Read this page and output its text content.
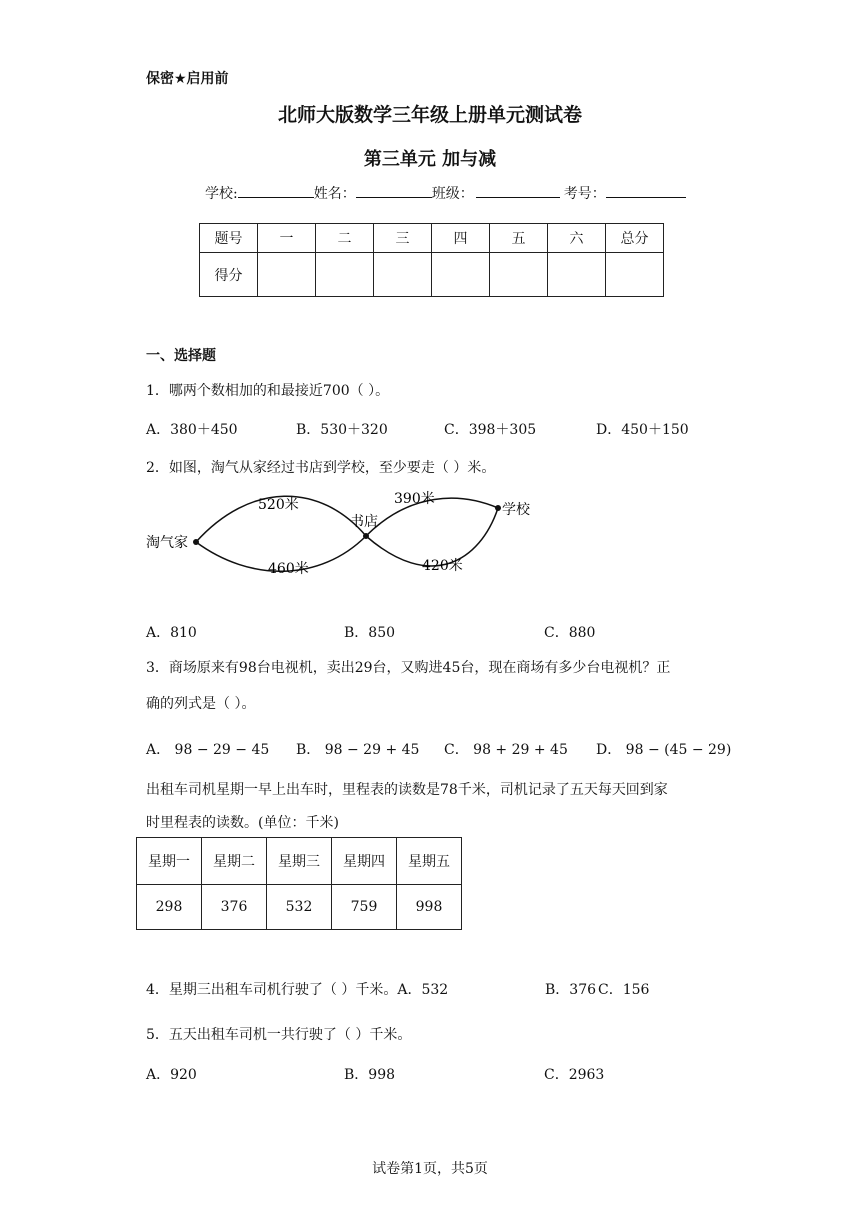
保密★启用前
北师大版数学三年级上册单元测试卷
第三单元 加与减
学校:	姓名：	班级：	考号：
题号	一	二	三	四	五	六	总分
得分							
一、选择题
1．哪两个数相加的和最接近700（ ）。
A．380＋450	B．530＋320	C．398＋305	D．450＋150
2．如图，淘气从家经过书店到学校，至少要走（ ）米。
淘气家
书店
学校
520米
460米
390米
420米
A．810	B．850	C．880
3．商场原来有98台电视机，卖出29台，又购进45台，现在商场有多少台电视机？正
确的列式是（ ）。
A． 98 − 29 − 45 B． 98 − 29 + 45 C． 98 + 29 + 45 D． 98 − (45 − 29)
出租车司机星期一早上出车时，里程表的读数是78千米，司机记录了五天每天回到家
时里程表的读数。(单位：千米)
星期一	星期二	星期三	星期四	星期五
298	376	532	759	998
4．星期三出租车司机行驶了（ ）千米。A．532	B．376 C．156
5．五天出租车司机一共行驶了（ ）千米。
A．920	B．998	C．2963
试卷第1页，共5页
